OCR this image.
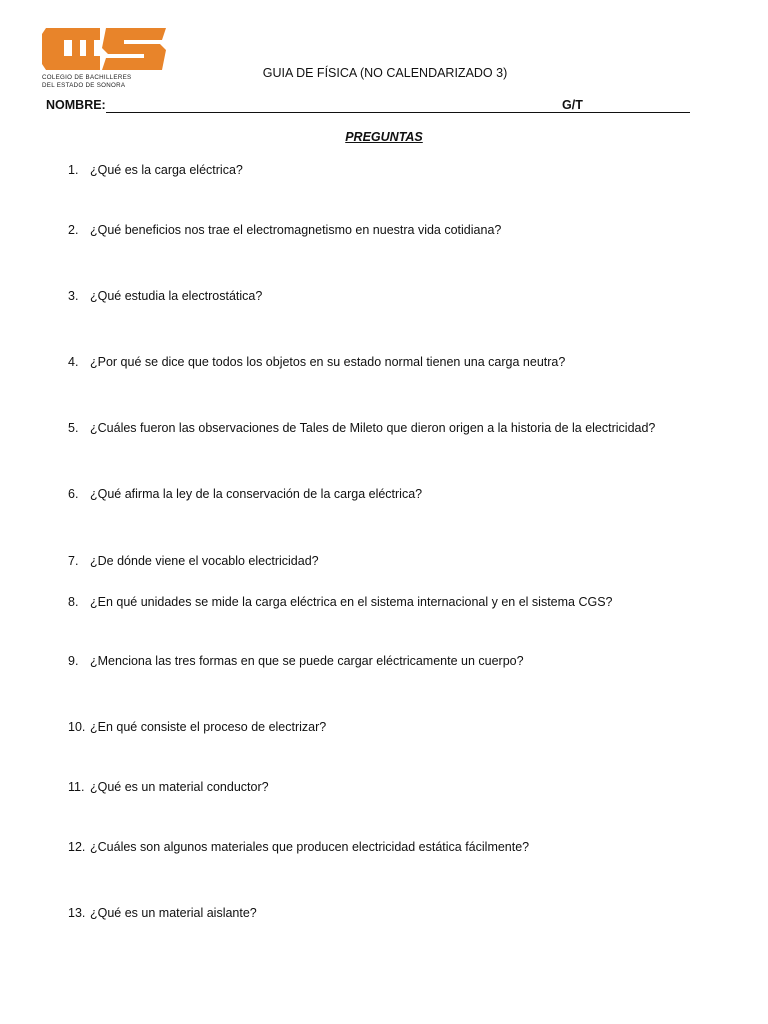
COLEGIO DE BACHILLERES
DEL ESTADO DE SONORA
GUIA DE FÍSICA (NO CALENDARIZADO 3)
NOMBRE:	G/T
PREGUNTAS
1. ¿Qué es la carga eléctrica?
2. ¿Qué beneficios nos trae el electromagnetismo en nuestra vida cotidiana?
3. ¿Qué estudia la electrostática?
4. ¿Por qué se dice que todos los objetos en su estado normal tienen una carga neutra?
5. ¿Cuáles fueron las observaciones de Tales de Mileto que dieron origen a la historia de la electricidad?
6. ¿Qué afirma la ley de la conservación de la carga eléctrica?
7. ¿De dónde viene el vocablo electricidad?
8. ¿En qué unidades se mide la carga eléctrica en el sistema internacional y en el sistema CGS?
9. ¿Menciona las tres formas en que se puede cargar eléctricamente un cuerpo?
10. ¿En qué consiste el proceso de electrizar?
11. ¿Qué es un material conductor?
12. ¿Cuáles son algunos materiales que producen electricidad estática fácilmente?
13. ¿Qué es un material aislante?
